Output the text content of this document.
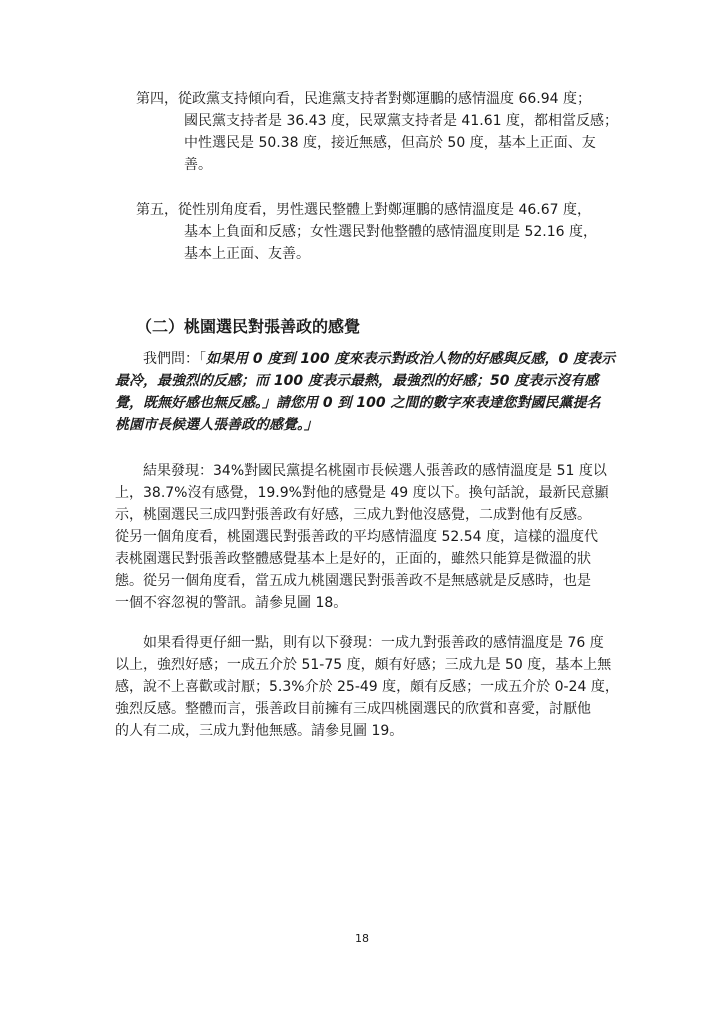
第四，從政黨支持傾向看，民進黨支持者對鄭運鵬的感情溫度 66.94 度；
國民黨支持者是 36.43 度，民眾黨支持者是 41.61 度，都相當反感；
中性選民是 50.38 度，接近無感，但高於 50 度，基本上正面、友
善。
第五，從性別角度看，男性選民整體上對鄭運鵬的感情溫度是 46.67 度，
基本上負面和反感；女性選民對他整體的感情溫度則是 52.16 度，
基本上正面、友善。
（二）桃園選民對張善政的感覺
我們問：「如果用 0 度到 100 度來表示對政治人物的好感與反感，0 度表示
最冷，最強烈的反感；而 100 度表示最熱，最強烈的好感；50 度表示沒有感
覺，既無好感也無反感。」請您用 0 到 100 之間的數字來表達您對國民黨提名
桃園市長候選人張善政的感覺。」
結果發現：34%對國民黨提名桃園市長候選人張善政的感情溫度是 51 度以
上，38.7%沒有感覺，19.9%對他的感覺是 49 度以下。換句話說，最新民意顯
示，桃園選民三成四對張善政有好感，三成九對他沒感覺，二成對他有反感。
從另一個角度看，桃園選民對張善政的平均感情溫度 52.54 度，這樣的溫度代
表桃園選民對張善政整體感覺基本上是好的，正面的，雖然只能算是微溫的狀
態。從另一個角度看，當五成九桃園選民對張善政不是無感就是反感時，也是
一個不容忽視的警訊。請參見圖 18。
如果看得更仔細一點，則有以下發現：一成九對張善政的感情溫度是 76 度
以上，強烈好感；一成五介於 51-75 度，頗有好感；三成九是 50 度，基本上無
感，說不上喜歡或討厭；5.3%介於 25-49 度，頗有反感；一成五介於 0-24 度，
強烈反感。整體而言，張善政目前擁有三成四桃園選民的欣賞和喜愛，討厭他
的人有二成，三成九對他無感。請參見圖 19。
18
